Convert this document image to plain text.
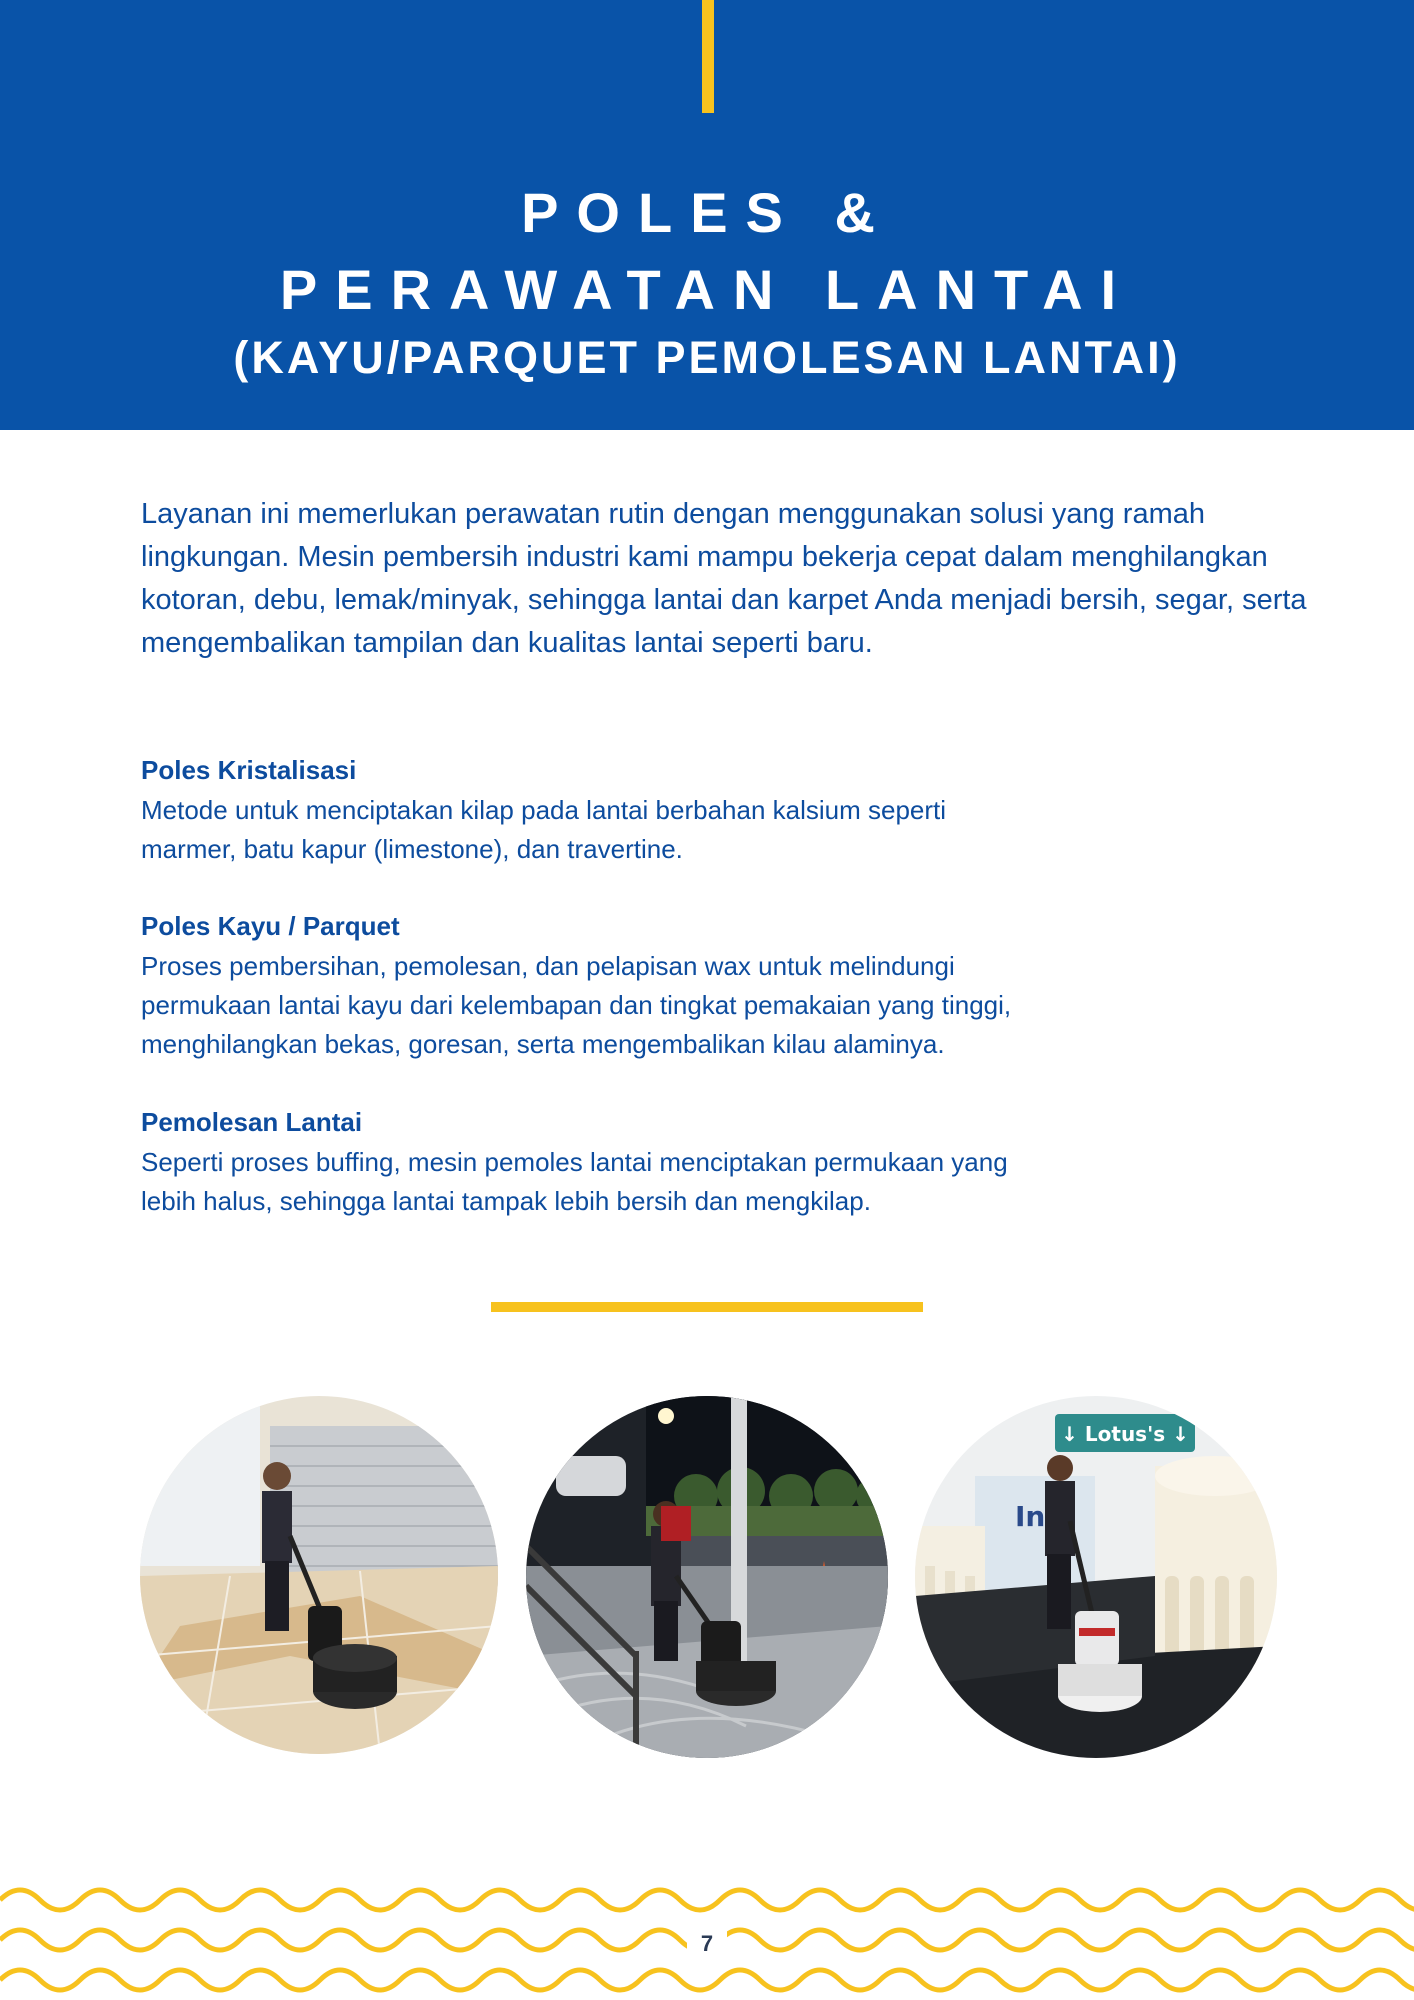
POLES &
PERAWATAN LANTAI
(KAYU/PARQUET PEMOLESAN LANTAI)

Layanan ini memerlukan perawatan rutin dengan menggunakan solusi yang ramah lingkungan. Mesin pembersih industri kami mampu bekerja cepat dalam menghilangkan kotoran, debu, lemak/minyak, sehingga lantai dan karpet Anda menjadi bersih, segar, serta mengembalikan tampilan dan kualitas lantai seperti baru.

Poles Kristalisasi
Metode untuk menciptakan kilap pada lantai berbahan kalsium seperti
marmer, batu kapur (limestone), dan travertine.
Poles Kayu / Parquet
Proses pembersihan, pemolesan, dan pelapisan wax untuk melindungi
permukaan lantai kayu dari kelembapan dan tingkat pemakaian yang tinggi,
menghilangkan bekas, goresan, serta mengembalikan kilau alaminya.
Pemolesan Lantai
Seperti proses buffing, mesin pemoles lantai menciptakan permukaan yang
lebih halus, sehingga lantai tampak lebih bersih dan mengkilap.
↓ Lotus's ↓
In
7
